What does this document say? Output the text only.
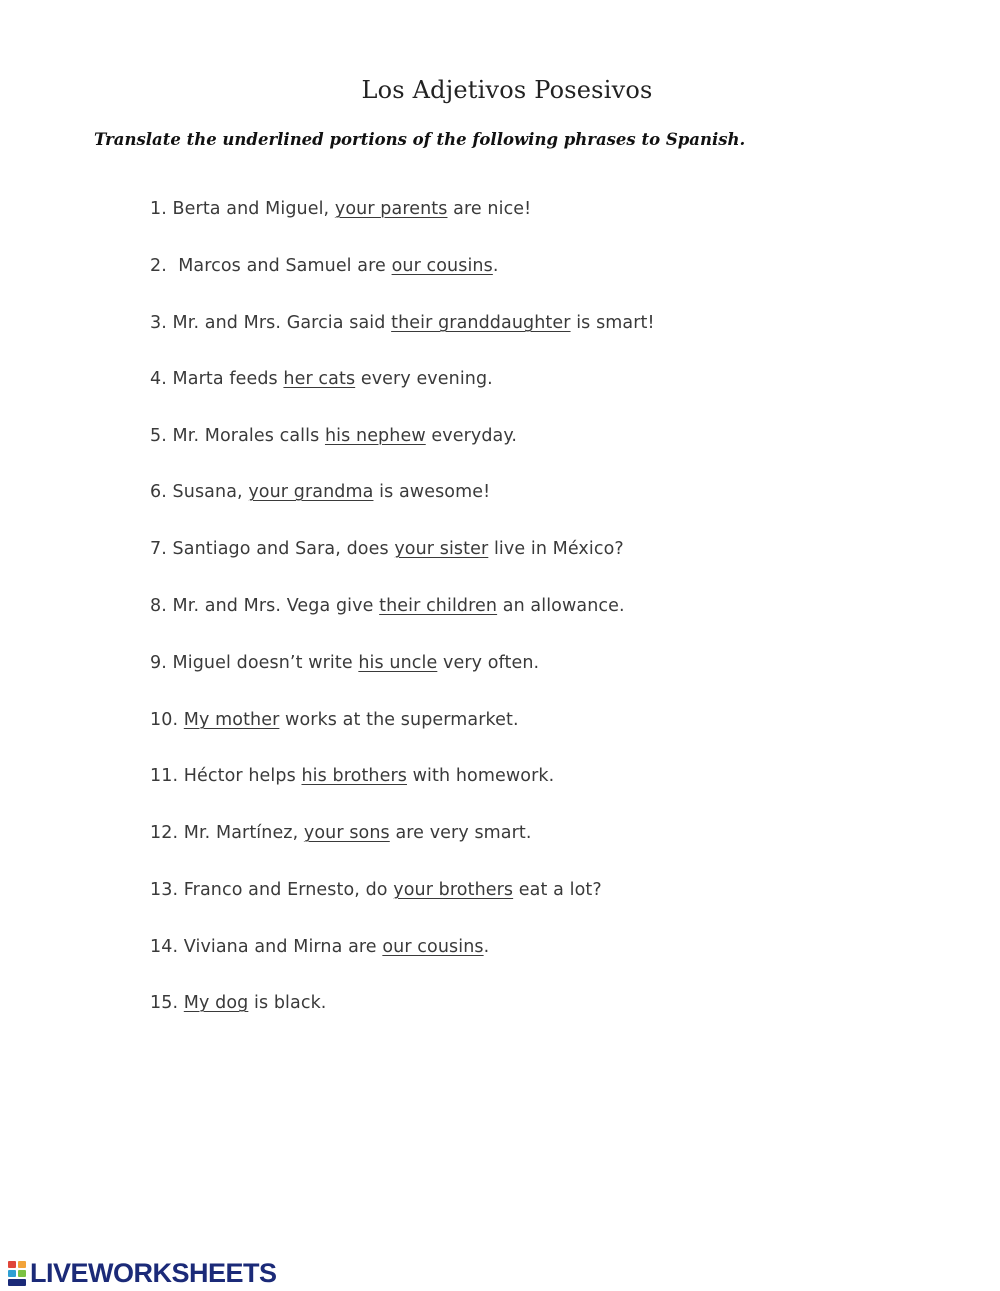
Los Adjetivos Posesivos
Translate the underlined portions of the following phrases to Spanish.
1. Berta and Miguel, your parents are nice!
2.  Marcos and Samuel are our cousins.
3. Mr. and Mrs. Garcia said their granddaughter is smart!
4. Marta feeds her cats every evening.
5. Mr. Morales calls his nephew everyday.
6. Susana, your grandma is awesome!
7. Santiago and Sara, does your sister live in México?
8. Mr. and Mrs. Vega give their children an allowance.
9. Miguel doesn’t write his uncle very often.
10. My mother works at the supermarket.
11. Héctor helps his brothers with homework.
12. Mr. Martínez, your sons are very smart.
13. Franco and Ernesto, do your brothers eat a lot?
14. Viviana and Mirna are our cousins.
15. My dog is black.
LIVEWORKSHEETS
